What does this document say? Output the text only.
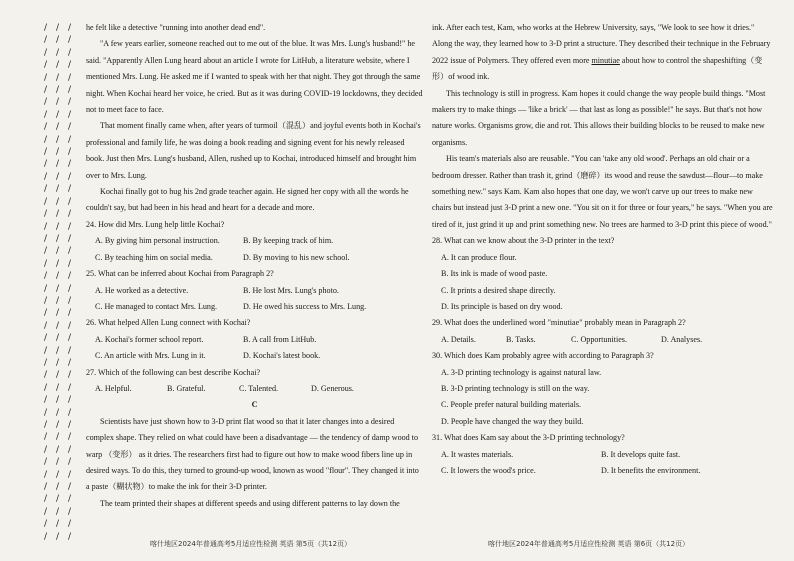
/
/
/
/
/
/
/
/
/
/
/
/
/
/
/
/
/
/
/
/
/
/
/
/
/
/
/
/
/
/
/
/
/
/
/
/
/
/
/
/
/
/
/
/
/
/
/
/
/
/
/
/
/
/
/
/
/
/
/
/
/
/
/
/
/
/
/
/
/
/
/
/
/
/
/
/
/
/
/
/
/
/
/
/
/
/
/
/
/
/
/
/
/
/
/
/
/
/
/
/
/
/
/
/
/
/
/
/
/
/
/
/
/
/
/
/
/
/
/
/
/
/
/
/
/
/

he felt like a detective "running into another dead end".

"A few years earlier, someone reached out to me out of the blue. It was Mrs. Lung's husband!" he said. "Apparently Allen Lung heard about an article I wrote for LitHub, a literature website, where I mentioned Mrs. Lung. He asked me if I wanted to speak with her that night. They got through the same night. When Kochai heard her voice, he cried. But as it was during COVID-19 lockdowns, they decided not to meet face to face.

That moment finally came when, after years of turmoil（混乱）and joyful events both in Kochai's professional and family life, he was doing a book reading and signing event for his newly released book. Just then Mrs. Lung's husband, Allen, rushed up to Kochai, introduced himself and brought him over to Mrs. Lung.

Kochai finally got to hug his 2nd grade teacher again. He signed her copy with all the words he couldn't say, but had been in his head and heart for a decade and more.

24. How did Mrs. Lung help little Kochai?

A. By giving him personal instruction.	B. By keeping track of him.
C. By teaching him on social media.	D. By moving to his new school.

25. What can be inferred about Kochai from Paragraph 2?

A. He worked as a detective.	B. He lost Mrs. Lung's photo.
C. He managed to contact Mrs. Lung.	D. He owed his success to Mrs. Lung.

26. What helped Allen Lung connect with Kochai?

A. Kochai's former school report.	B. A call from LitHub.
C. An article with Mrs. Lung in it.	D. Kochai's latest book.

27. Which of the following can best describe Kochai?

A. Helpful.	B. Grateful.	C. Talented.	D. Generous.

C

Scientists have just shown how to 3-D print flat wood so that it later changes into a desired complex shape. They relied on what could have been a disadvantage — the tendency of damp wood to warp （变形） as it dries. The researchers first had to figure out how to make wood fibers line up in desired ways. To do this, they turned to ground-up wood, known as wood "flour". They changed it into a paste（糊状物）to make the ink for their 3-D printer.

The team printed their shapes at different speeds and using different patterns to lay down the

ink. After each test, Kam, who works at the Hebrew University, says, "We look to see how it dries." Along the way, they learned how to 3-D print a structure. They described their technique in the February 2022 issue of Polymers. They offered even more minutiae about how to control the shapeshifting（变形）of wood ink.

This technology is still in progress. Kam hopes it could change the way people build things. "Most makers try to make things — 'like a brick' — that last as long as possible!" he says. But that's not how nature works. Organisms grow, die and rot. This allows their building blocks to be reused to make new organisms.

His team's materials also are reusable. "You can 'take any old wood'. Perhaps an old chair or a bedroom dresser. Rather than trash it, grind（磨碎）its wood and reuse the sawdust—flour—to make something new." says Kam. Kam also hopes that one day, we won't carve up our trees to make new chairs but instead just 3-D print a new one. "You sit on it for three or four years," he says. "When you are tired of it, just grind it up and print something new. No trees are harmed to 3-D print this piece of wood."

28. What can we know about the 3-D printer in the text?

A. It can produce flour.

B. Its ink is made of wood paste.

C. It prints a desired shape directly.

D. Its principle is based on dry wood.

29. What does the underlined word "minutiae" probably mean in Paragraph 2?

A. Details.	B. Tasks.	C. Opportunities.	D. Analyses.

30. Which does Kam probably agree with according to Paragraph 3?

A. 3-D printing technology is against natural law.

B. 3-D printing technology is still on the way.

C. People prefer natural building materials.

D. People have changed the way they build.

31. What does Kam say about the 3-D printing technology?

A. It wastes materials.	B. It develops quite fast.
C. It lowers the wood's price.	D. It benefits the environment.
喀什地区2024年普通高考5月适应性检测 英语 第5页（共12页）	喀什地区2024年普通高考5月适应性检测 英语 第6页（共12页）
